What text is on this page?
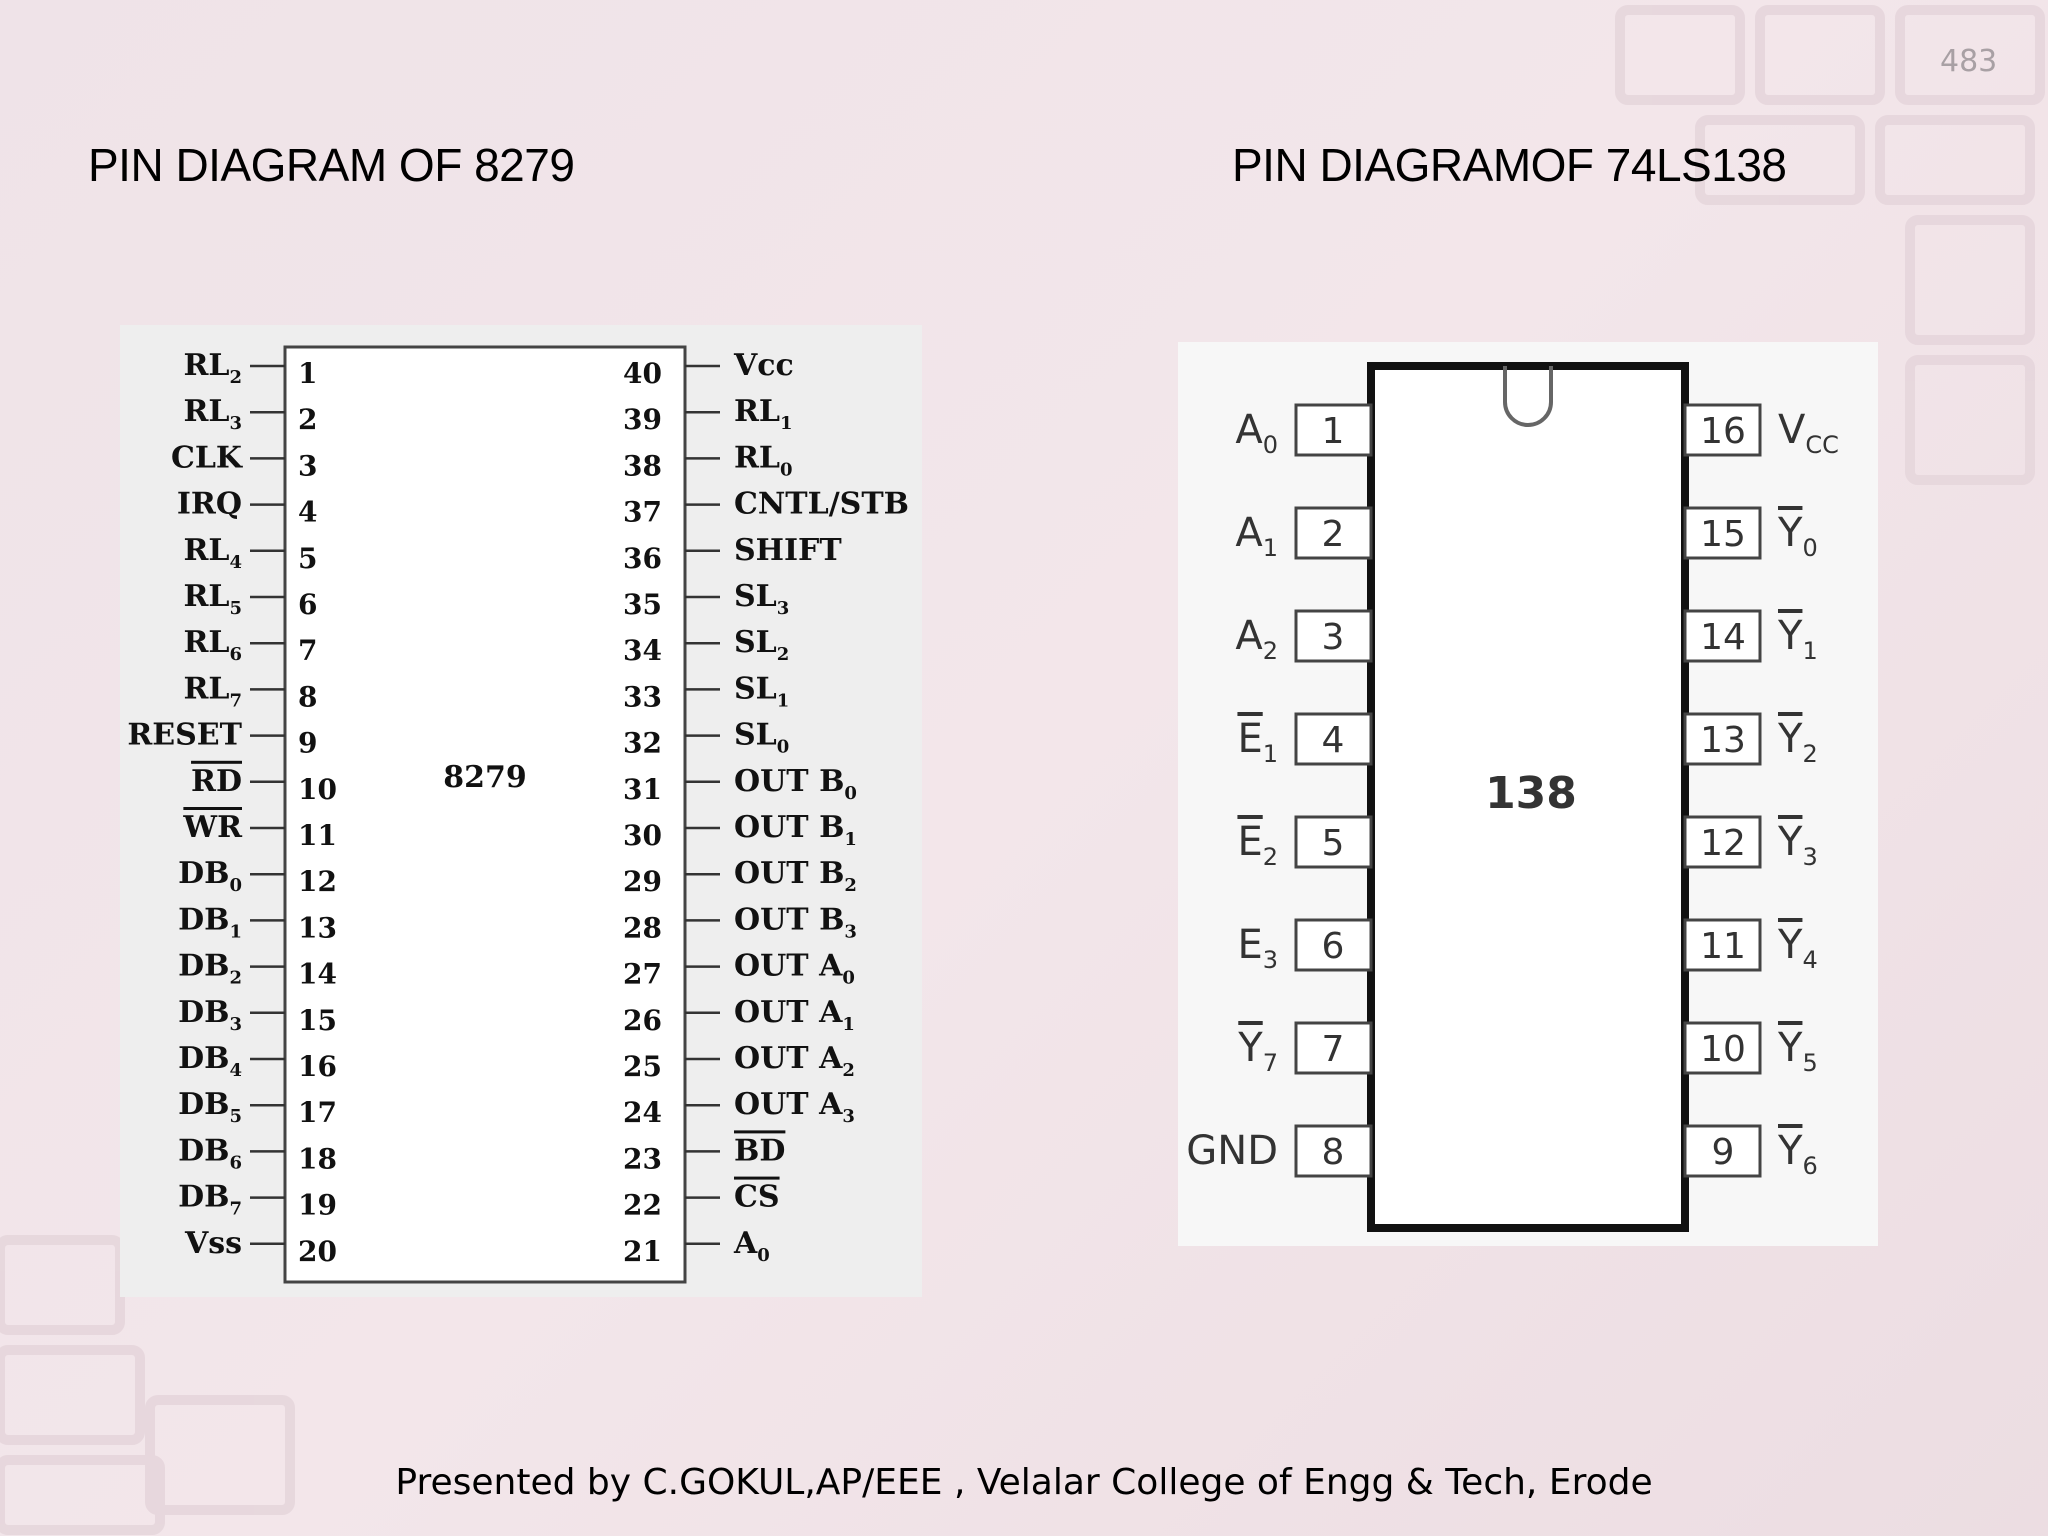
483
PIN DIAGRAM OF 8279	PIN DIAGRAMOF 74LS138
8279
$RL_2$ 1
$RL_3$ 2
CLK 3
IRQ 4
$RL_4$ 5
$RL_5$ 6
$RL_6$ 7
$RL_7$ 8
RESET 9
RD 10
WR 11
$DB_0$ 12
$DB_1$ 13
$DB_2$ 14
$DB_3$ 15
$DB_4$ 16
$DB_5$ 17
$DB_6$ 18
$DB_7$ 19
Vss 20
40 Vcc
39 $RL_1$
38 $RL_0$
37 CNTL/STB
36 SHIFT
35 $SL_3$
34 $SL_2$
33 $SL_1$
32 $SL_0$
31 OUT $B_0$
30 OUT $B_1$
29 OUT $B_2$
28 OUT $B_3$
27 OUT $A_0$
26 OUT $A_1$
25 OUT $A_2$
24 OUT $A_3$
23 BD
22 CS
21 $A_0$
138
1
$A_0$
2
$A_1$
3
$A_2$
4
$E_1$
5
$E_2$
6
$E_3$
7
$Y_7$
8
GND
16 $V_{CC}$
15 $Y_0$
14 $Y_1$
13 $Y_2$
12 $Y_3$
11 $Y_4$
10 $Y_5$
9 $Y_6$
Presented by C.GOKUL,AP/EEE , Velalar College of Engg & Tech, Erode
